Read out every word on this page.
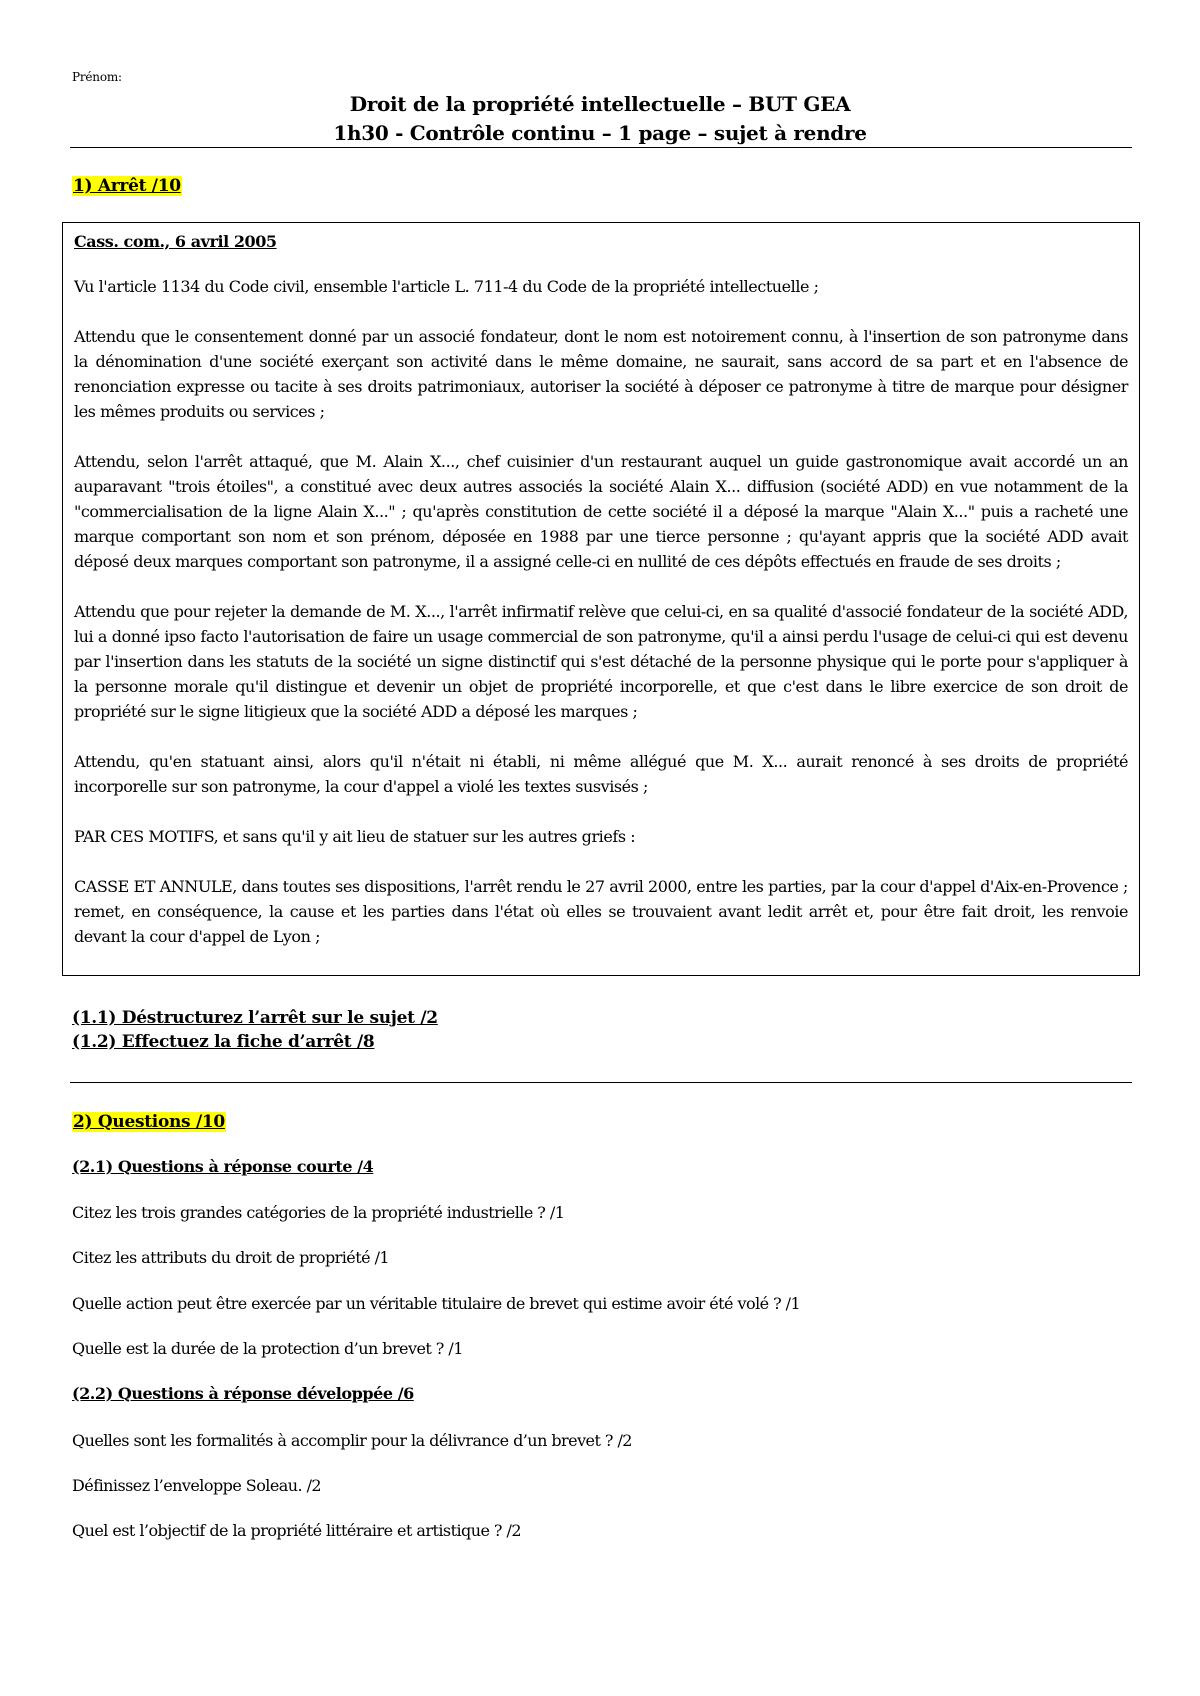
Prénom:
Droit de la propriété intellectuelle – BUT GEA
1h30 - Contrôle continu – 1 page – sujet à rendre
1) Arrêt /10

Cass. com., 6 avril 2005

Vu l'article 1134 du Code civil, ensemble l'article L. 711-4 du Code de la propriété intellectuelle ;

Attendu que le consentement donné par un associé fondateur, dont le nom est notoirement connu, à l'insertion de son patronyme dans la dénomination d'une société exerçant son activité dans le même domaine, ne saurait, sans accord de sa part et en l'absence de renonciation expresse ou tacite à ses droits patrimoniaux, autoriser la société à déposer ce patronyme à titre de marque pour désigner les mêmes produits ou services ;

Attendu, selon l'arrêt attaqué, que M. Alain X..., chef cuisinier d'un restaurant auquel un guide gastronomique avait accordé un an auparavant "trois étoiles", a constitué avec deux autres associés la société Alain X... diffusion (société ADD) en vue notamment de la "commercialisation de la ligne Alain X..." ; qu'après constitution de cette société il a déposé la marque "Alain X..." puis a racheté une marque comportant son nom et son prénom, déposée en 1988 par une tierce personne ; qu'ayant appris que la société ADD avait déposé deux marques comportant son patronyme, il a assigné celle-ci en nullité de ces dépôts effectués en fraude de ses droits ;

Attendu que pour rejeter la demande de M. X..., l'arrêt infirmatif relève que celui-ci, en sa qualité d'associé fondateur de la société ADD, lui a donné ipso facto l'autorisation de faire un usage commercial de son patronyme, qu'il a ainsi perdu l'usage de celui-ci qui est devenu par l'insertion dans les statuts de la société un signe distinctif qui s'est détaché de la personne physique qui le porte pour s'appliquer à la personne morale qu'il distingue et devenir un objet de propriété incorporelle, et que c'est dans le libre exercice de son droit de propriété sur le signe litigieux que la société ADD a déposé les marques ;

Attendu, qu'en statuant ainsi, alors qu'il n'était ni établi, ni même allégué que M. X... aurait renoncé à ses droits de propriété incorporelle sur son patronyme, la cour d'appel a violé les textes susvisés ;

PAR CES MOTIFS, et sans qu'il y ait lieu de statuer sur les autres griefs :

CASSE ET ANNULE, dans toutes ses dispositions, l'arrêt rendu le 27 avril 2000, entre les parties, par la cour d'appel d'Aix-en-Provence ; remet, en conséquence, la cause et les parties dans l'état où elles se trouvaient avant ledit arrêt et, pour être fait droit, les renvoie devant la cour d'appel de Lyon ;

(1.1) Déstructurez l’arrêt sur le sujet /2
(1.2) Effectuez la fiche d’arrêt /8
2) Questions /10
(2.1) Questions à réponse courte /4
Citez les trois grandes catégories de la propriété industrielle ? /1
Citez les attributs du droit de propriété /1
Quelle action peut être exercée par un véritable titulaire de brevet qui estime avoir été volé ? /1
Quelle est la durée de la protection d’un brevet ? /1
(2.2) Questions à réponse développée /6
Quelles sont les formalités à accomplir pour la délivrance d’un brevet ? /2
Définissez l’enveloppe Soleau. /2
Quel est l’objectif de la propriété littéraire et artistique ? /2
